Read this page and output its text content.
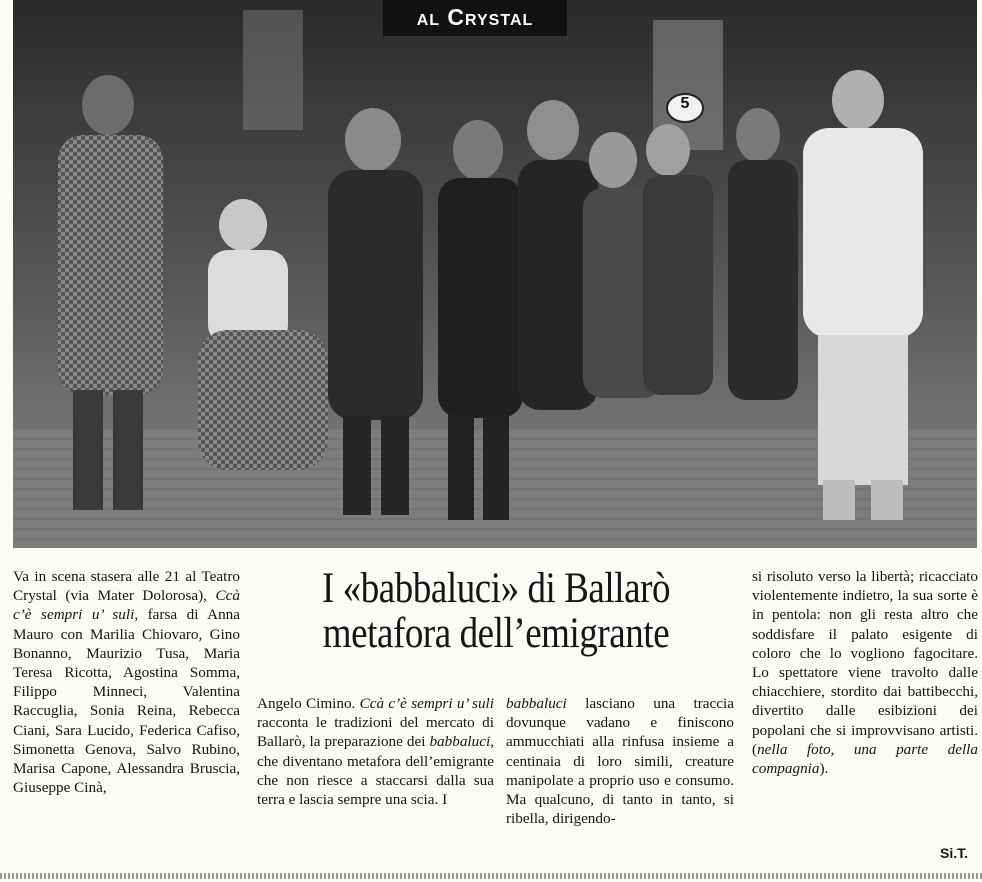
5
al Crystal

Va in scena stasera alle 21 al Teatro Crystal (via Mater Dolorosa), Ccà c’è sempri u’ suli, farsa di Anna Mauro con Marilia Chiovaro, Gino Bonanno, Maurizio Tusa, Maria Teresa Ricotta, Agostina Somma, Filippo Minneci, Valentina Raccuglia, Sonia Reina, Rebecca Ciani, Sara Lucido, Federica Cafiso, Simonetta Genova, Salvo Rubino, Marisa Capone, Alessandra Bruscia, Giuseppe Cinà,

I «babbaluci» di Ballarò
metafora dell’emigrante

Angelo Cimino. Ccà c’è sempri u’ suli racconta le tradizioni del mercato di Ballarò, la preparazione dei babbaluci, che diventano metafora dell’emigrante che non riesce a staccarsi dalla sua terra e lascia sempre una scia. I

babbaluci lasciano una traccia dovunque vadano e finiscono ammucchiati alla rinfusa insieme a centinaia di loro simili, creature manipolate a proprio uso e consumo. Ma qualcuno, di tanto in tanto, si ribella, dirigendo-

si risoluto verso la libertà; ricacciato violentemente indietro, la sua sorte è in pentola: non gli resta altro che soddisfare il palato esigente di coloro che lo vogliono fagocitare. Lo spettatore viene travolto dalle chiacchiere, stordito dai battibecchi, divertito dalle esibizioni dei popolani che si improvvisano artisti. (nella foto, una parte della compagnia).

Si.T.
